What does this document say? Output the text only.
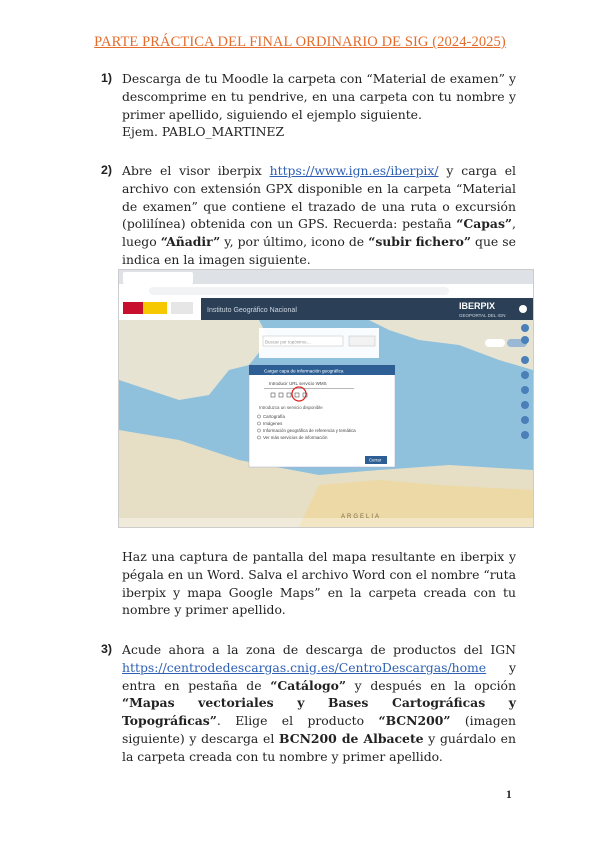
PARTE PRÁCTICA DEL FINAL ORDINARIO DE SIG (2024-2025)
1) Descarga de tu Moodle la carpeta con “Material de examen” y descomprime en tu pendrive, en una carpeta con tu nombre y primer apellido, siguiendo el ejemplo siguiente.
Ejem. PABLO_MARTINEZ
2) Abre el visor iberpix https://www.ign.es/iberpix/ y carga el archivo con extensión GPX disponible en la carpeta “Material de examen” que contiene el trazado de una ruta o excursión (polilínea) obtenida con un GPS. Recuerda: pestaña “Capas”, luego “Añadir” y, por último, icono de “subir fichero” que se indica en la imagen siguiente.
Instituto Geográfico Nacional	IBERPIX
GEOPORTAL DEL IGN
Buscar por topónimo…
Cargar capa de información geográfica
Introducir URL servicio WMS
Introduzca un servicio disponible
Cartografía
Imágenes
Información geográfica de referencia y temática
Ver más servicios de información
Cerrar
ARGELIA
Haz una captura de pantalla del mapa resultante en iberpix y pégala en un Word. Salva el archivo Word con el nombre “ruta iberpix y mapa Google Maps” en la carpeta creada con tu nombre y primer apellido.
3) Acude ahora a la zona de descarga de productos del IGN https://centrodedescargas.cnig.es/CentroDescargas/home y entra en pestaña de “Catálogo” y después en la opción “Mapas vectoriales y Bases Cartográficas y Topográficas”. Elige el producto “BCN200” (imagen siguiente) y descarga el BCN200 de Albacete y guárdalo en la carpeta creada con tu nombre y primer apellido.
1
